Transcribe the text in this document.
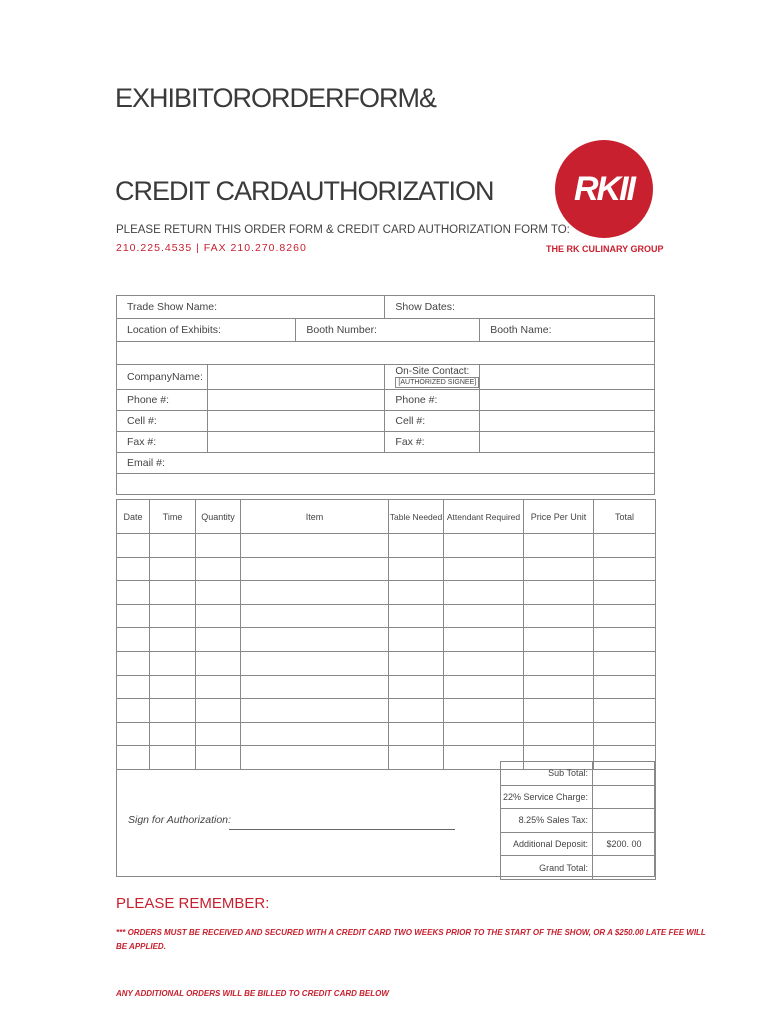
EXHIBITORORDERFORM&
CREDIT CARDAUTHORIZATION
PLEASE RETURN THIS ORDER FORM & CREDIT CARD AUTHORIZATION FORM TO:
210.225.4535 | FAX 210.270.8260
RKII
THE RK CULINARY GROUP
Trade Show Name:			Show Dates:	
Location of Exhibits:		Booth Number:		Booth Name:

CompanyName:			On-Site Contact:
[AUTHORIZED SIGNEE]	
Phone #:			Phone #:	
Cell #:			Cell #:	
Fax #:			Fax #:	
Email #:				

Date	Time	Quantity	Item	Table Needed	Attendant Required	Price Per Unit	Total

Sign for Authorization:
Sub Total:	
22% Service Charge:	
8.25% Sales Tax:	
Additional Deposit:	$200. 00
Grand Total:	
PLEASE REMEMBER:
*** ORDERS MUST BE RECEIVED AND SECURED WITH A CREDIT CARD TWO WEEKS PRIOR TO THE START OF THE SHOW, OR A $250.00 LATE FEE WILL BE APPLIED.
ANY ADDITIONAL ORDERS WILL BE BILLED TO CREDIT CARD BELOW
